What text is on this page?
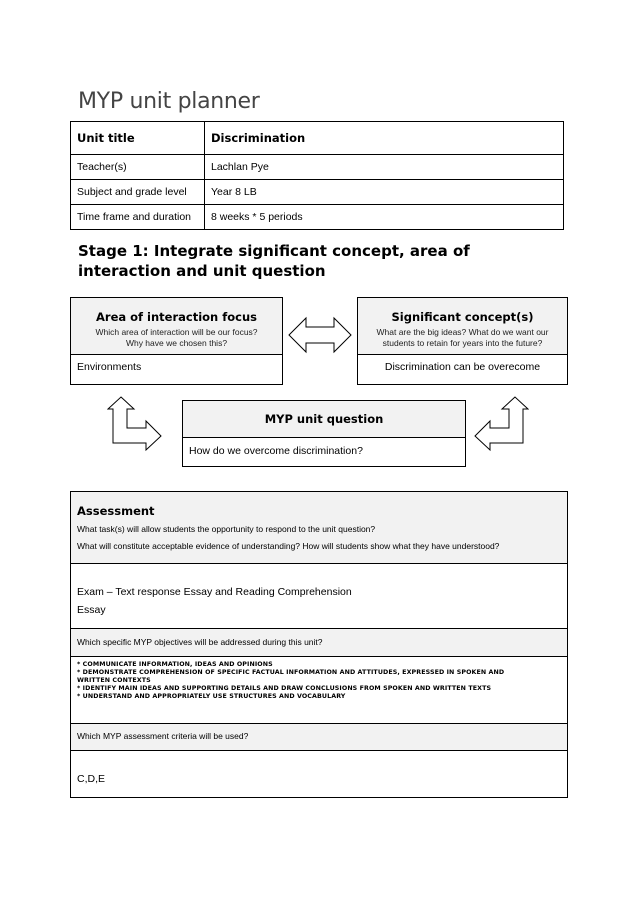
MYP unit planner
Unit title	Discrimination
Teacher(s)	Lachlan Pye
Subject and grade level	Year 8 LB
Time frame and duration	8 weeks * 5 periods
Stage 1: Integrate significant concept, area of interaction and unit question
Area of interaction focus
Which area of interaction will be our focus?
Why have we chosen this?
Environments
Significant concept(s)
What are the big ideas? What do we want our
students to retain for years into the future?
Discrimination can be overecome
MYP unit question
How do we overcome discrimination?
Assessment
What task(s) will allow students the opportunity to respond to the unit question?
What will constitute acceptable evidence of understanding? How will students show what they have understood?
Exam – Text response Essay and Reading Comprehension
Essay
Which specific MYP objectives will be addressed during this unit?
* COMMUNICATE INFORMATION, IDEAS AND OPINIONS
* DEMONSTRATE COMPREHENSION OF SPECIFIC FACTUAL INFORMATION AND ATTITUDES, EXPRESSED IN SPOKEN AND
WRITTEN CONTEXTS
* IDENTIFY MAIN IDEAS AND SUPPORTING DETAILS AND DRAW CONCLUSIONS FROM SPOKEN AND WRITTEN TEXTS
* UNDERSTAND AND APPROPRIATELY USE STRUCTURES AND VOCABULARY
Which MYP assessment criteria will be used?
C,D,E
